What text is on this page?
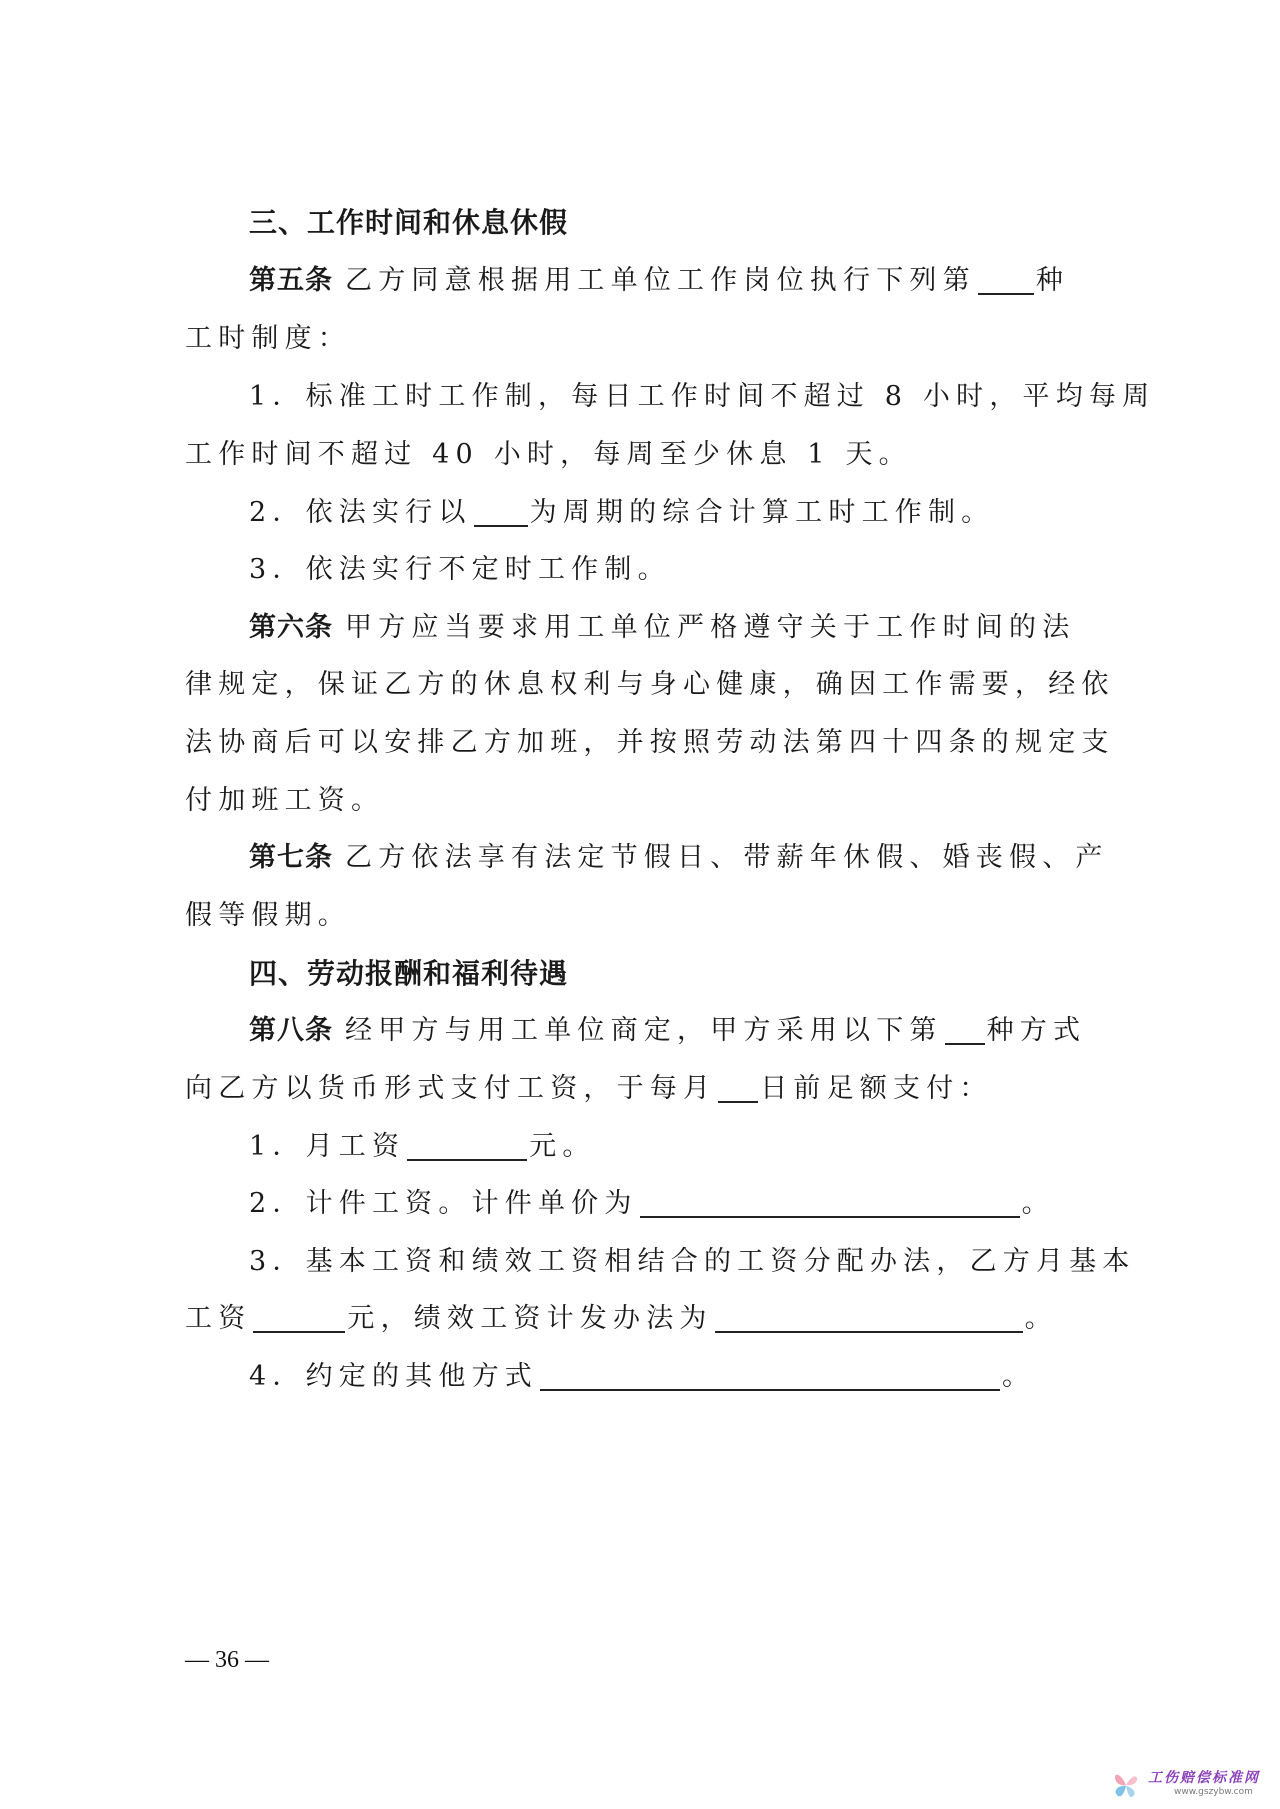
三、工作时间和休息休假
第五条 乙方同意根据用工单位工作岗位执行下列第 种
工时制度：
1．标准工时工作制，每日工作时间不超过 8 小时，平均每周
工作时间不超过 40 小时，每周至少休息 1 天。
2．依法实行以 为周期的综合计算工时工作制。
3．依法实行不定时工作制。
第六条 甲方应当要求用工单位严格遵守关于工作时间的法
律规定，保证乙方的休息权利与身心健康，确因工作需要，经依
法协商后可以安排乙方加班，并按照劳动法第四十四条的规定支
付加班工资。
第七条 乙方依法享有法定节假日、带薪年休假、婚丧假、产
假等假期。
四、劳动报酬和福利待遇
第八条 经甲方与用工单位商定，甲方采用以下第 种方式
向乙方以货币形式支付工资，于每月 日前足额支付：
1．月工资	元。
2．计件工资。计件单价为	。
3．基本工资和绩效工资相结合的工资分配办法，乙方月基本
工资	元，绩效工资计发办法为	。
4．约定的其他方式	。
— 36 —
工伤赔偿标准网
www.gszybw.com
